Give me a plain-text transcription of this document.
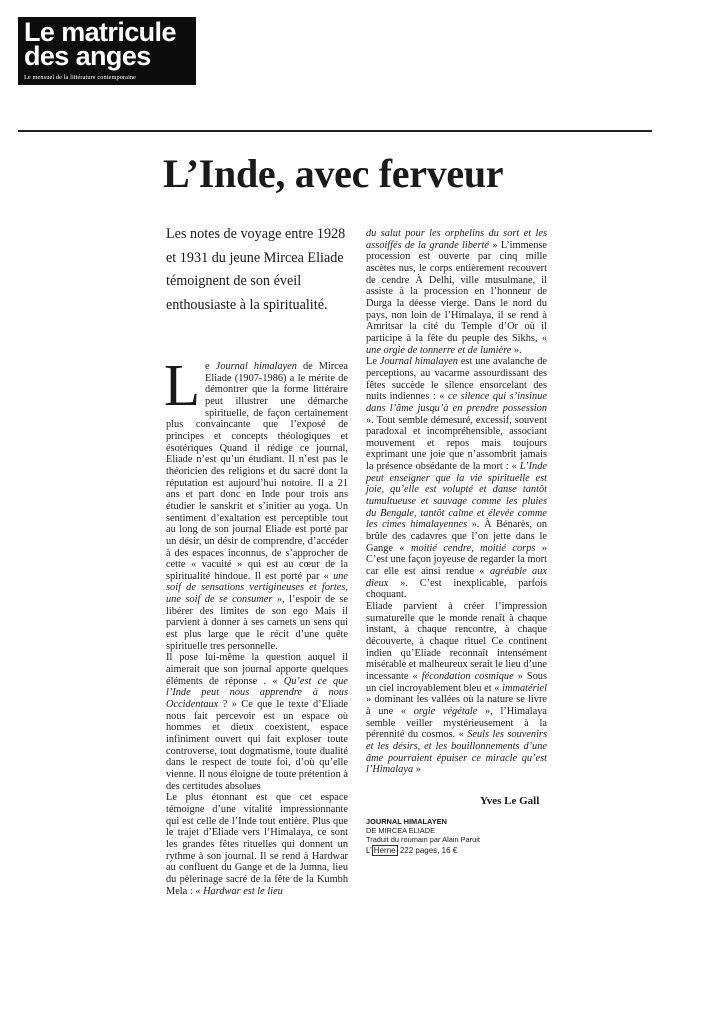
Le matricule
des anges
Le mensuel de la littérature contemporaine
L’Inde, avec ferveur
Les notes de voyage entre 1928 et 1931 du jeune Mircea Eliade témoignent de son éveil enthousiaste à la spiritualité.

Le Journal himalayen de Mircea Eliade (1907-1986) a le mérite de démontrer que la forme littéraire peut illustrer une démarche spirituelle, de façon certainement plus convaincante que l’exposé de principes et concepts théologiques et ésotériques Quand il rédige ce journal, Eliade n’est qu’un étudiant. Il n’est pas le théoricien des religions et du sacré dont la réputation est aujourd’hui notoire. Il a 21 ans et part donc en Inde pour trois ans étudier le sanskrit et s’initier au yoga. Un sentiment d’exaltation est perceptible tout au long de son journal Eliade est porté par un désir, un désir de comprendre, d’accéder à des espaces inconnus, de s’approcher de cette « vacuité » qui est au cœur de la spiritualité hindoue. Il est porté par « une soif de sensations vertigineuses et fortes, une soif de se consumer », l’espoir de se libérer des limites de son ego Mais il parvient à donner à ses carnets un sens qui est plus large que le récit d’une quête spirituelle tres personnelle.

Il pose lui-même la question auquel il aimerait que son journal apporte quelques éléments de réponse . « Qu’est ce que l’Inde peut nous apprendre à nous Occidentaux ? » Ce que le texte d’Eliade nous fait percevoir est un espace où hommes et dieux coexistent, espace infiniment ouvert qui fait exploser toute controverse, tout dogmatisme, toute dualité dans le respect de toute foi, d’où qu’elle vienne. Il nous éloigne de toute prétention à des certitudes absolues

Le plus étonnant est que cet espace témoigne d’une vitalité impressionnante qui est celle de l’Inde tout entière. Plus que le trajet d’Eliade vers l’Himalaya, ce sont les grandes fêtes rituelles qui donnent un rythme à son journal. Il se rend à Hardwar au confluent du Gange et de la Jumna, lieu du pèlerinage sacré de la fête de la Kumbh Mela : « Hardwar est le lieu

du salut pour les orphelins du sort et les assoiffés de la grande liberté » L’immense procession est ouverte par cinq mille ascètes nus, le corps entièrement recouvert de cendre À Delhi, ville musulmane, il assiste à la procession en l’honneur de Durga la déesse vierge. Dans le nord du pays, non loin de l’Himalaya, il se rend à Amritsar la cité du Temple d’Or où il participe à la fête du peuple des Sikhs, « une orgie de tonnerre et de lumière ».

Le Journal himalayen est une avalanche de perceptions, au vacarme assourdissant des fêtes succède le silence ensorcelant des nuits indiennes : « ce silence qui s’insinue dans l’âme jusqu’à en prendre possession ». Tout semble démesuré, excessif, souvent paradoxal et incompréhensible, associant mouvement et repos mais toujours exprimant une joie que n’assombrit jamais la présence obsédante de la mort : « L’Inde peut enseigner que la vie spirituelle est joie, qu’elle est volupté et danse tantôt tumultueuse et sauvage comme les pluies du Bengale, tantôt calme et élevée comme les cimes himalayennes ». À Bénarès, on brûle des cadavres que l’on jette dans le Gange « moitié cendre, moitié corps » C’est une façon joyeuse de regarder la mort car elle est ainsi rendue « agréable aux dieux ». C’est inexplicable, parfois choquant.

Eliade parvient à créer l’impression surnaturelle que le monde renaît à chaque instant, à chaque rencontre, à chaque découverte, à chaque rituel Ce continent indien qu’Eliade reconnaît intensément misérable et malheureux serait le lieu d’une incessante « fécondation cosmique » Sous un ciel incroyablement bleu et « immatériel » dominant les vallées où la nature se livre à une « orgie végétale », l’Himalaya semble veiller mystérieusement à la pérennité du cosmos. « Seuls les souvenirs et les désirs, et les bouillonnements d’une âme pourraient épuiser ce miracle qu’est l’Himalaya »

Yves Le Gall
JOURNAL HIMALAYEN
DE MIRCEA ELIADE
Traduit du roumain par Alain Paruit
L’ Herne 222 pages, 16 €
